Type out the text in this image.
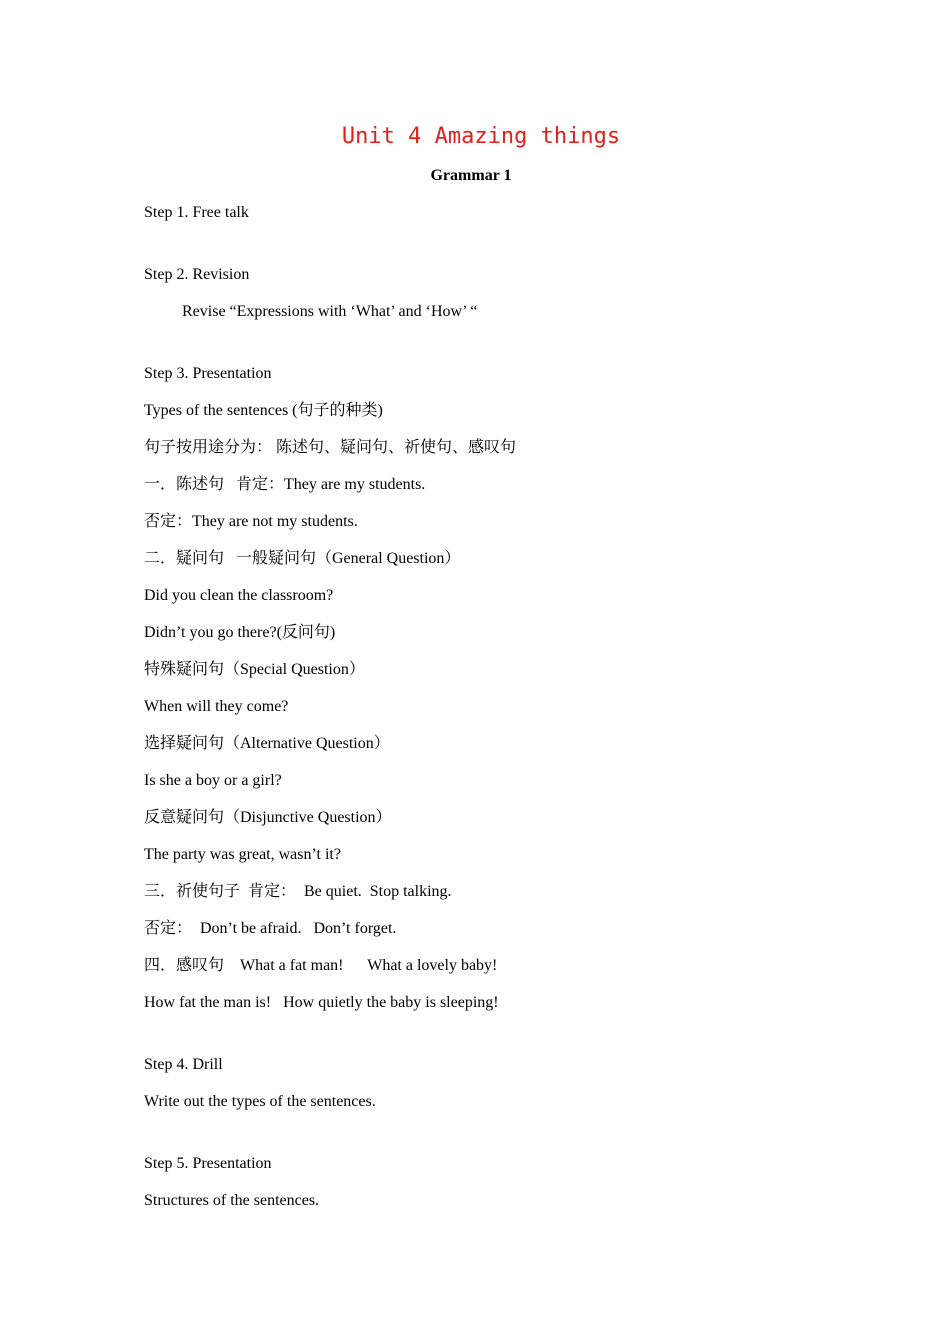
Unit 4 Amazing things
Grammar 1
Step 1. Free talk
Step 2. Revision
Revise “Expressions with ‘What’ and ‘How’ “
Step 3. Presentation
Types of the sentences (句子的种类)
句子按用途分为： 陈述句、疑问句、祈使句、感叹句
一．陈述句   肯定：They are my students.
否定：They are not my students.
二．疑问句   一般疑问句（General Question）
Did you clean the classroom?
Didn’t you go there?(反问句)
特殊疑问句（Special Question）
When will they come?
选择疑问句（Alternative Question）
Is she a boy or a girl?
反意疑问句（Disjunctive Question）
The party was great, wasn’t it?
三．祈使句子  肯定：  Be quiet.  Stop talking.
否定：  Don’t be afraid.   Don’t forget.
四．感叹句    What a fat man!      What a lovely baby!
How fat the man is!   How quietly the baby is sleeping!
Step 4. Drill
Write out the types of the sentences.
Step 5. Presentation
Structures of the sentences.
